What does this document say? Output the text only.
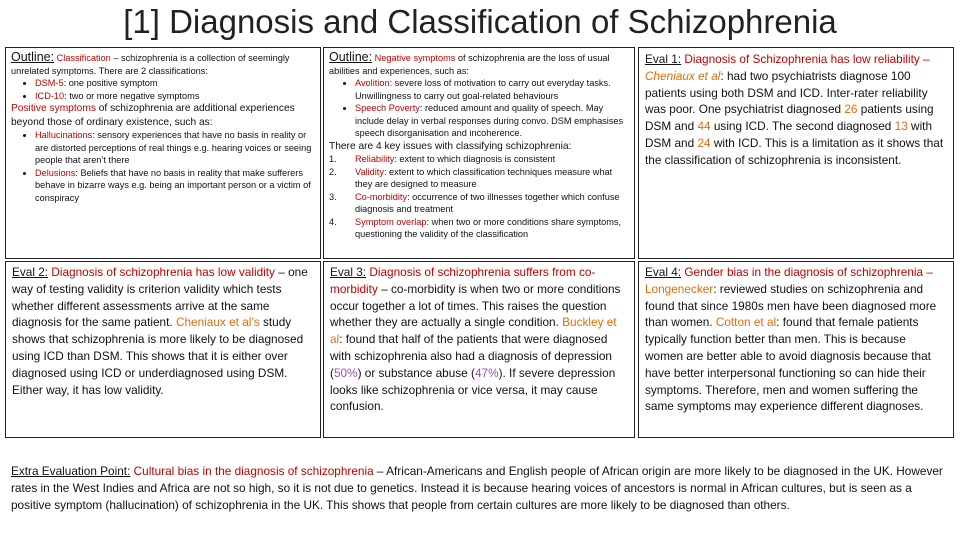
[1] Diagnosis and Classification of Schizophrenia

Outline: Classification – schizophrenia is a collection of seemingly unrelated symptoms. There are 2 classifications:

• DSM-5: one positive symptom
• ICD-10: two or more negative symptoms

Positive symptoms of schizophrenia are additional experiences beyond those of ordinary existence, such as:

• Hallucinations: sensory experiences that have no basis in reality or are distorted perceptions of real things e.g. hearing voices or seeing people that aren’t there
• Delusions: Beliefs that have no basis in reality that make sufferers behave in bizarre ways e.g. being an important person or a victim of conspiracy

Outline: Negative symptoms of schizophrenia are the loss of usual abilities and experiences, such as:

• Avolition: severe loss of motivation to carry out everyday tasks. Unwillingness to carry out goal-related behaviours
• Speech Poverty: reduced amount and quality of speech. May include delay in verbal responses during convo. DSM emphasises speech disorganisation and incoherence.

There are 4 key issues with classifying schizophrenia:

1.	Reliability: extent to which diagnosis is consistent
2.	Validity: extent to which classification techniques measure what they are designed to measure
3.	Co-morbidity: occurrence of two illnesses together which confuse diagnosis and treatment
4.	Symptom overlap: when two or more conditions share symptoms, questioning the validity of the classification

Eval 1: Diagnosis of Schizophrenia has low reliability – Cheniaux et al: had two psychiatrists diagnose 100 patients using both DSM and ICD. Inter-rater reliability was poor. One psychiatrist diagnosed 26 patients using DSM and 44 using ICD. The second diagnosed 13 with DSM and 24 with ICD. This is a limitation as it shows that the classification of schizophrenia is inconsistent.

Eval 2: Diagnosis of schizophrenia has low validity – one way of testing validity is criterion validity which tests whether different assessments arrive at the same diagnosis for the same patient. Cheniaux et al’s study shows that schizophrenia is more likely to be diagnosed using ICD than DSM. This shows that it is either over diagnosed using ICD or underdiagnosed using DSM. Either way, it has low validity.

Eval 3: Diagnosis of schizophrenia suffers from co-morbidity – co-morbidity is when two or more conditions occur together a lot of times. This raises the question whether they are actually a single condition. Buckley et al: found that half of the patients that were diagnosed with schizophrenia also had a diagnosis of depression (50%) or substance abuse (47%). If severe depression looks like schizophrenia or vice versa, it may cause confusion.

Eval 4: Gender bias in the diagnosis of schizophrenia – Longenecker: reviewed studies on schizophrenia and found that since 1980s men have been diagnosed more than women. Cotton et al: found that female patients typically function better than men. This is because women are better able to avoid diagnosis because that have better interpersonal functioning so can hide their symptoms. Therefore, men and women suffering the same symptoms may experience different diagnoses.

Extra Evaluation Point: Cultural bias in the diagnosis of schizophrenia – African-Americans and English people of African origin are more likely to be diagnosed in the UK. However rates in the West Indies and Africa are not so high, so it is not due to genetics. Instead it is because hearing voices of ancestors is normal in African cultures, but is seen as a positive symptom (hallucination) of schizophrenia in the UK. This shows that people from certain cultures are more likely to be diagnosed than others.
